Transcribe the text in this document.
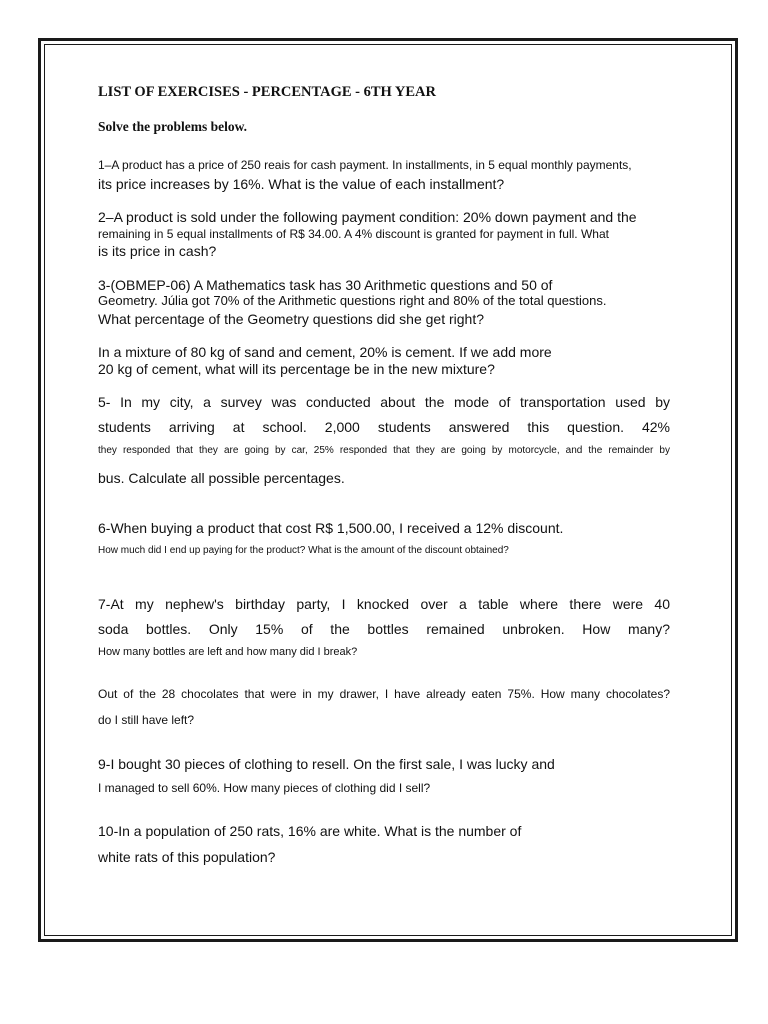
LIST OF EXERCISES - PERCENTAGE - 6TH YEAR

Solve the problems below.

1–A product has a price of 250 reais for cash payment. In installments, in 5 equal monthly payments,

its price increases by 16%. What is the value of each installment?

2–A product is sold under the following payment condition: 20% down payment and the

remaining in 5 equal installments of R$ 34.00. A 4% discount is granted for payment in full. What

is its price in cash?

3-(OBMEP-06) A Mathematics task has 30 Arithmetic questions and 50 of

Geometry. Júlia got 70% of the Arithmetic questions right and 80% of the total questions.

What percentage of the Geometry questions did she get right?

In a mixture of 80 kg of sand and cement, 20% is cement. If we add more

20 kg of cement, what will its percentage be in the new mixture?

5- In my city, a survey was conducted about the mode of transportation used by

students arriving at school. 2,000 students answered this question. 42%

they responded that they are going by car, 25% responded that they are going by motorcycle, and the remainder by

bus. Calculate all possible percentages.

6-When buying a product that cost R$ 1,500.00, I received a 12% discount.

How much did I end up paying for the product? What is the amount of the discount obtained?

7-At my nephew's birthday party, I knocked over a table where there were 40

soda bottles. Only 15% of the bottles remained unbroken. How many?

How many bottles are left and how many did I break?

Out of the 28 chocolates that were in my drawer, I have already eaten 75%. How many chocolates?

do I still have left?

9-I bought 30 pieces of clothing to resell. On the first sale, I was lucky and

I managed to sell 60%. How many pieces of clothing did I sell?

10-In a population of 250 rats, 16% are white. What is the number of

white rats of this population?
